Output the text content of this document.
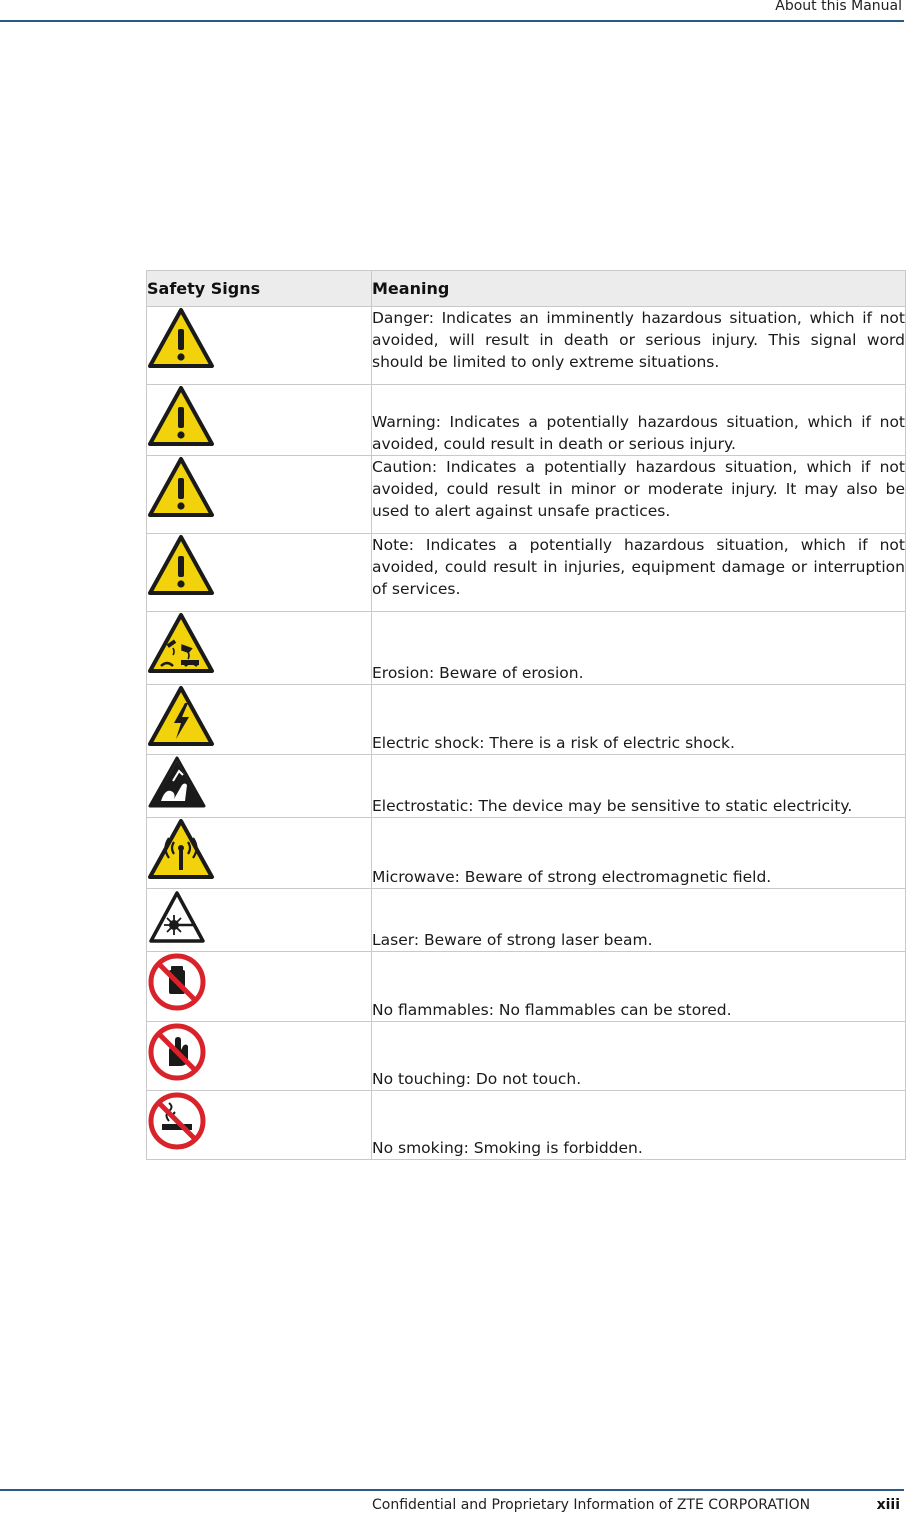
About this Manual
Safety Signs	Meaning

	Danger: Indicates an imminently hazardous situation, which if not avoided, will result in death or serious injury. This signal word should be limited to only extreme situations.

	Warning: Indicates a potentially hazardous situation, which if not avoided, could result in death or serious injury.

	Caution: Indicates a potentially hazardous situation, which if not avoided, could result in minor or moderate injury. It may also be used to alert against unsafe practices.

	Note: Indicates a potentially hazardous situation, which if not avoided, could result in injuries, equipment damage or interruption of services.

	Erosion: Beware of erosion.

	Electric shock: There is a risk of electric shock.

	Electrostatic: The device may be sensitive to static electricity.

	Microwave: Beware of strong electromagnetic field.

	Laser: Beware of strong laser beam.

	No flammables: No flammables can be stored.

	No touching: Do not touch.

	No smoking: Smoking is forbidden.
Confidential and Proprietary Information of ZTE CORPORATION	xiii
